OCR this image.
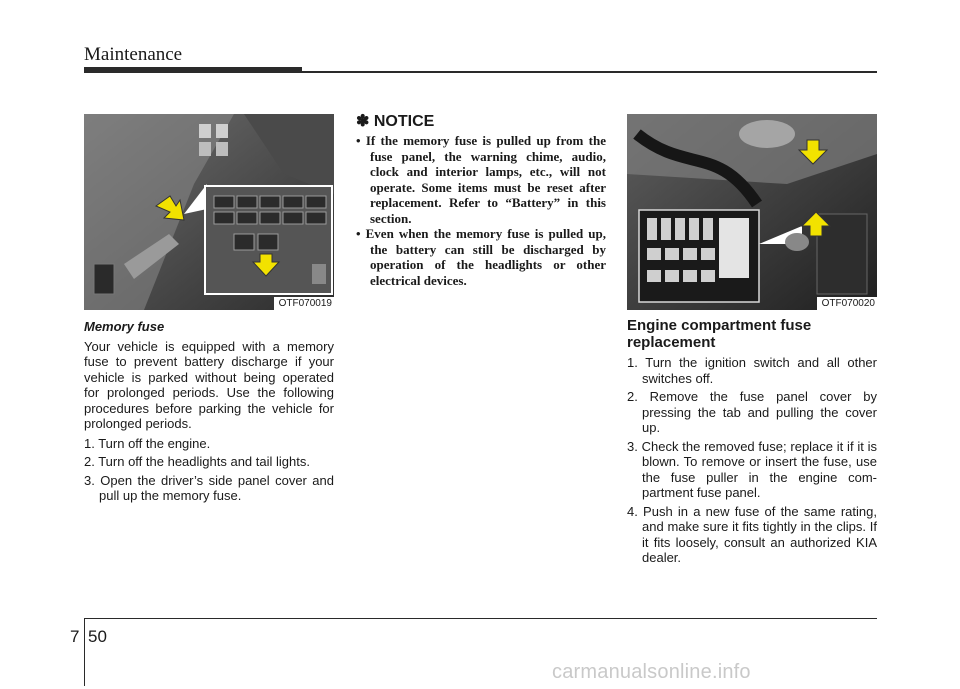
Maintenance
OTF070019
Memory fuse

Your vehicle is equipped with a memory fuse to prevent battery discharge if your vehicle is parked without being operated for prolonged periods. Use the following procedures before parking the vehicle for prolonged periods.

1. Turn off the engine.
2. Turn off the headlights and tail lights.
3. Open the driver’s side panel cover and pull up the memory fuse.
✽ NOTICE
• If the memory fuse is pulled up from the fuse panel, the warning chime, audio, clock and interior lamps, etc., will not operate. Some items must be reset after replacement. Refer to “Battery” in this section.
• Even when the memory fuse is pulled up, the battery can still be discharged by operation of the headlights or other electrical devices.
OTF070020
Engine compartment fuse replacement
1. Turn the ignition switch and all other switches off.
2. Remove the fuse panel cover by pressing the tab and pulling the cover up.
3. Check the removed fuse; replace it if it is blown. To remove or insert the fuse, use the fuse puller in the engine com-partment fuse panel.
4. Push in a new fuse of the same rating, and make sure it fits tightly in the clips. If it fits loosely, consult an authorized KIA dealer.
7 50
carmanualsonline.info
